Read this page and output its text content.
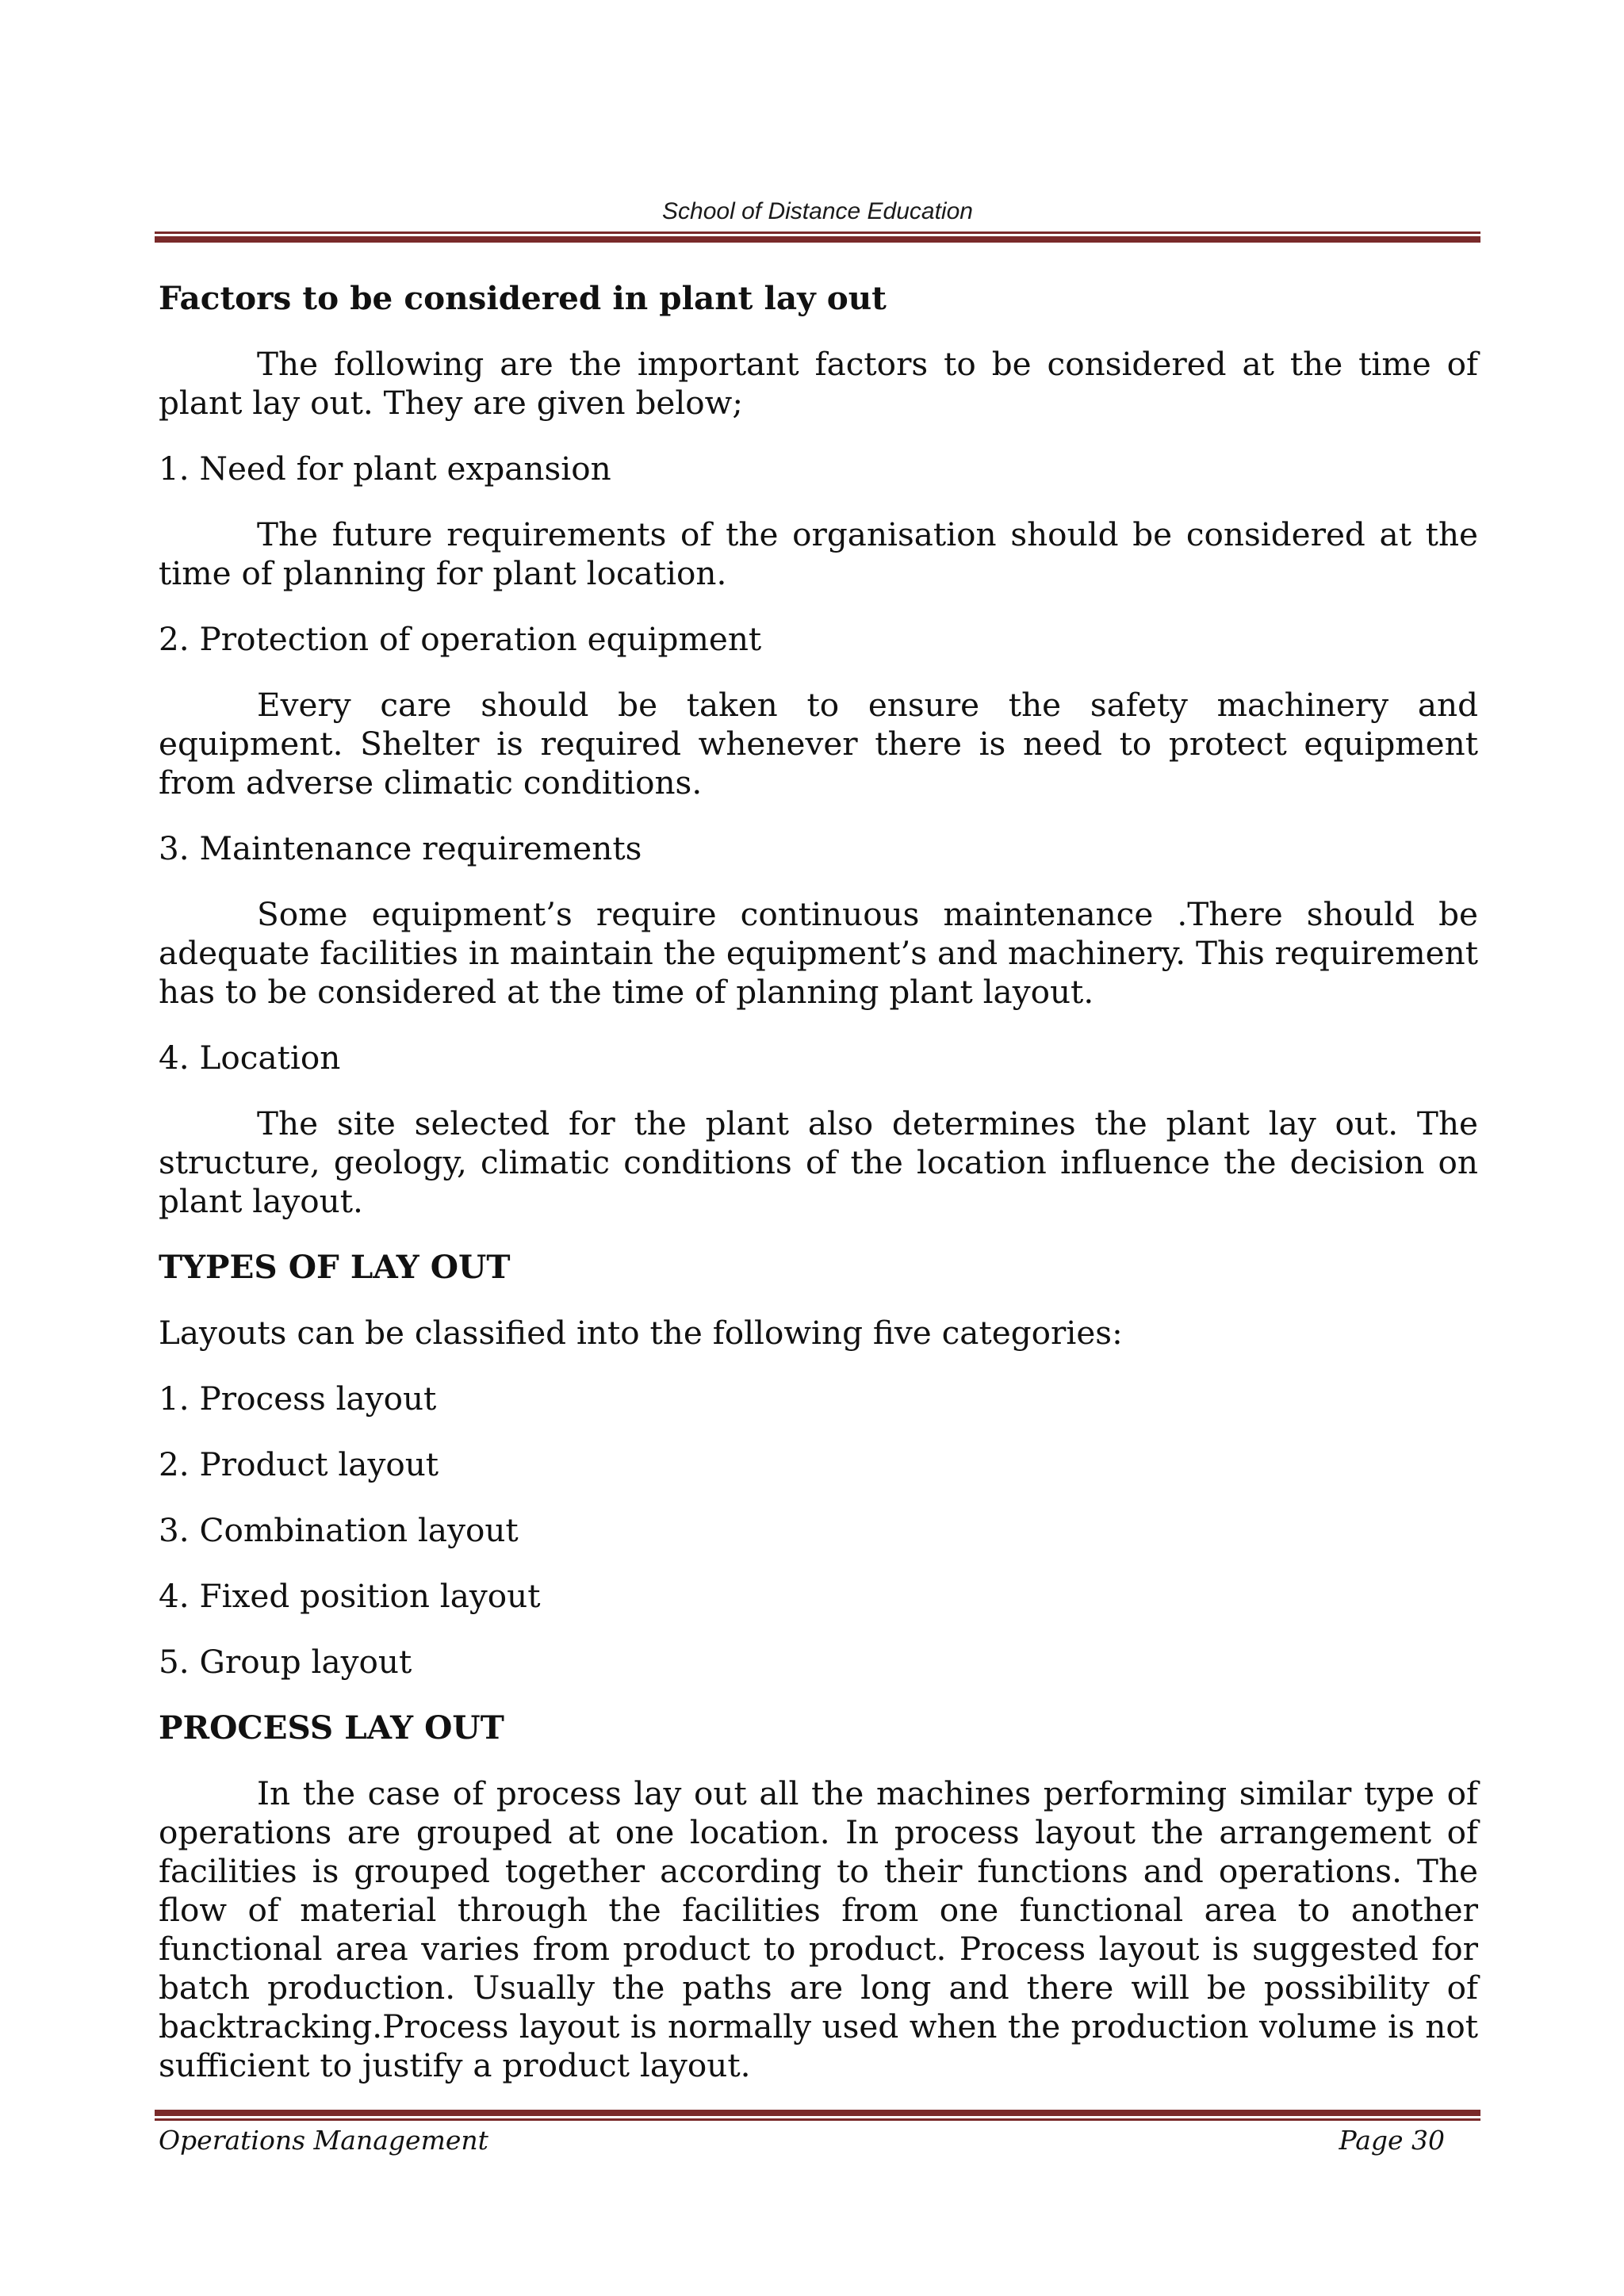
School of Distance Education
Factors to be considered in plant lay out
The following are the important factors to be considered at the time of plant lay out. They are given below;
1. Need for plant expansion
The future requirements of the organisation should be considered at the time of planning for plant location.
2. Protection of operation equipment
Every care should be taken to ensure the safety machinery and equipment. Shelter is required whenever there is need to protect equipment from adverse climatic conditions.
3. Maintenance requirements
Some equipment’s require continuous maintenance .There should be adequate facilities in maintain the equipment’s and machinery. This requirement has to be considered at the time of planning plant layout.
4. Location
The site selected for the plant also determines the plant lay out. The structure, geology, climatic conditions of the location influence the decision on plant layout.
TYPES OF LAY OUT
Layouts can be classified into the following five categories:
1. Process layout
2. Product layout
3. Combination layout
4. Fixed position layout
5. Group layout
PROCESS LAY OUT
In the case of process lay out all the machines performing similar type of operations are grouped at one location. In process layout the arrangement of facilities is grouped together according to their functions and operations. The flow of material through the facilities from one functional area to another functional area varies from product to product. Process layout is suggested for batch production. Usually the paths are long and there will be possibility of backtracking.Process layout is normally used when the production volume is not sufficient to justify a product layout.
Operations Management	Page 30
